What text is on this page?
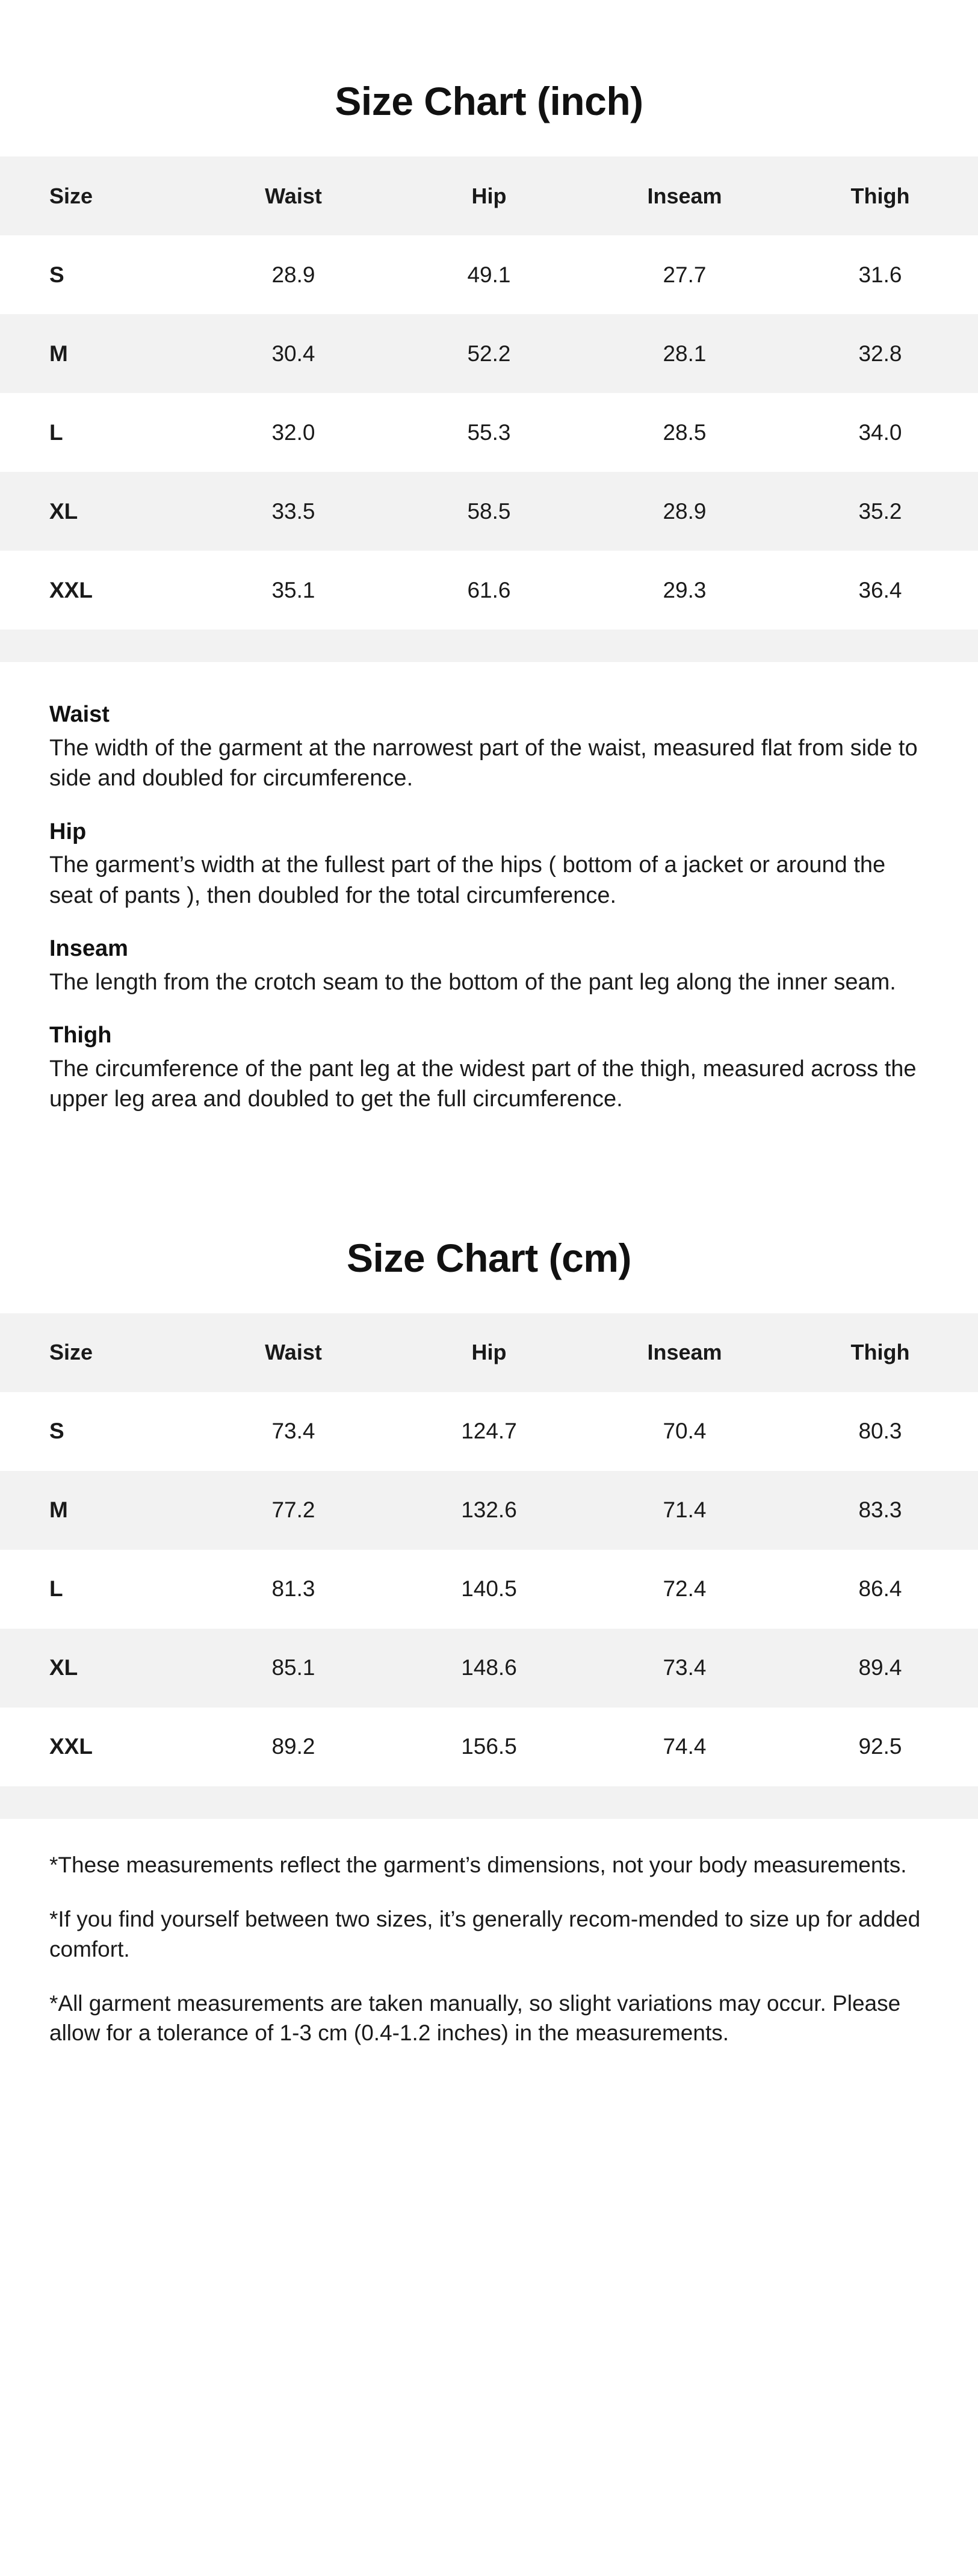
Size Chart (inch)
Size	Waist	Hip	Inseam	Thigh
S	28.9	49.1	27.7	31.6
M	30.4	52.2	28.1	32.8
L	32.0	55.3	28.5	34.0
XL	33.5	58.5	28.9	35.2
XXL	35.1	61.6	29.3	36.4

Waist

The width of the garment at the narrowest part of the waist, measured flat from side to side and doubled for circumference.

Hip

The garment’s width at the fullest part of the hips ( bottom of a jacket or around the seat of pants ), then doubled for the total circumference.

Inseam

The length from the crotch seam to the bottom of the pant leg along the inner seam.

Thigh

The circumference of the pant leg at the widest part of the thigh, measured across the upper leg area and doubled to get the full circumference.

Size Chart (cm)
Size	Waist	Hip	Inseam	Thigh
S	73.4	124.7	70.4	80.3
M	77.2	132.6	71.4	83.3
L	81.3	140.5	72.4	86.4
XL	85.1	148.6	73.4	89.4
XXL	89.2	156.5	74.4	92.5

*These measurements reflect the garment’s dimensions, not your body measurements.

*If you find yourself between two sizes, it’s generally recom-mended to size up for added comfort.

*All garment measurements are taken manually, so slight variations may occur. Please allow for a tolerance of 1-3 cm (0.4-1.2 inches) in the measurements.
